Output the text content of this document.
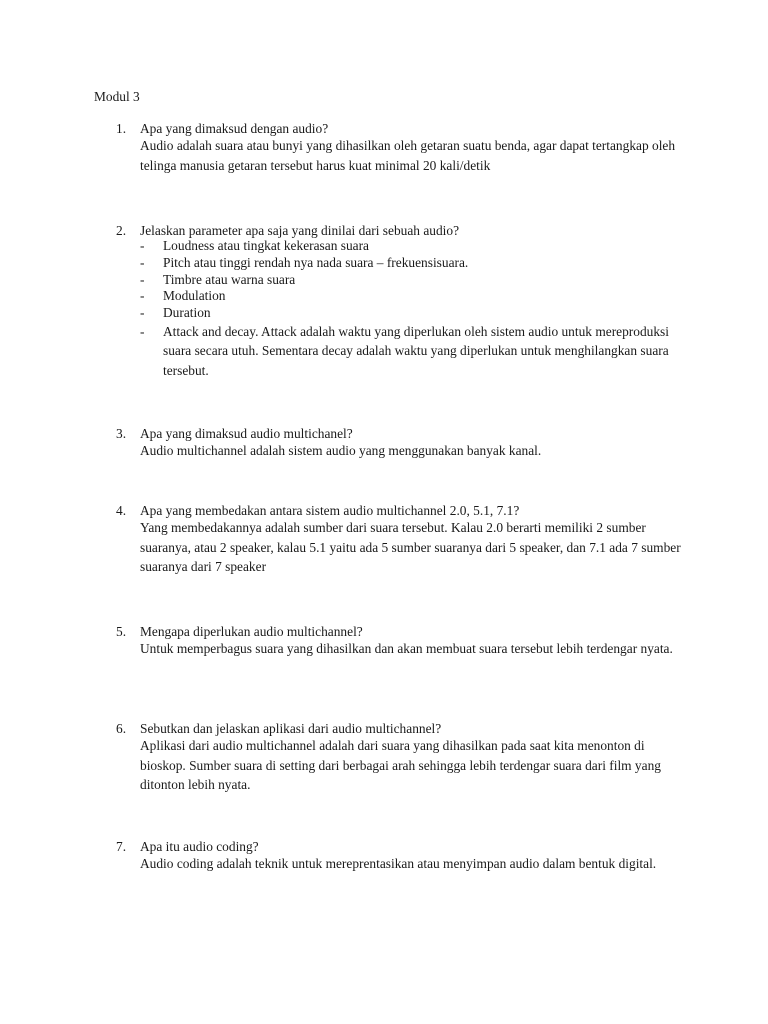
Modul 3
1.	Apa yang dimaksud dengan audio?
Audio adalah suara atau bunyi yang dihasilkan oleh getaran suatu benda, agar dapat tertangkap oleh telinga manusia getaran tersebut harus kuat minimal 20 kali/detik
2.	Jelaskan parameter apa saja yang dinilai dari sebuah audio?
- Loudness atau tingkat kekerasan suara
- Pitch atau tinggi rendah nya nada suara – frekuensisuara.
- Timbre atau warna suara
- Modulation
- Duration
- Attack and decay. Attack adalah waktu yang diperlukan oleh sistem audio untuk mereproduksi suara secara utuh. Sementara decay adalah waktu yang diperlukan untuk menghilangkan suara tersebut.
3.	Apa yang dimaksud audio multichanel?
Audio multichannel adalah sistem audio yang menggunakan banyak kanal.
4.	Apa yang membedakan antara sistem audio multichannel 2.0, 5.1, 7.1?
Yang membedakannya adalah sumber dari suara tersebut. Kalau 2.0 berarti memiliki 2 sumber suaranya, atau 2 speaker, kalau 5.1 yaitu ada 5 sumber suaranya dari 5 speaker, dan 7.1 ada 7 sumber suaranya dari 7 speaker
5.	Mengapa diperlukan audio multichannel?
Untuk memperbagus suara yang dihasilkan dan akan membuat suara tersebut lebih terdengar nyata.
6.	Sebutkan dan jelaskan aplikasi dari audio multichannel?
Aplikasi dari audio multichannel adalah dari suara yang dihasilkan pada saat kita menonton di bioskop. Sumber suara di setting dari berbagai arah sehingga lebih terdengar suara dari film yang ditonton lebih nyata.
7.	Apa itu audio coding?
Audio coding adalah teknik untuk mereprentasikan atau menyimpan audio dalam bentuk digital.
